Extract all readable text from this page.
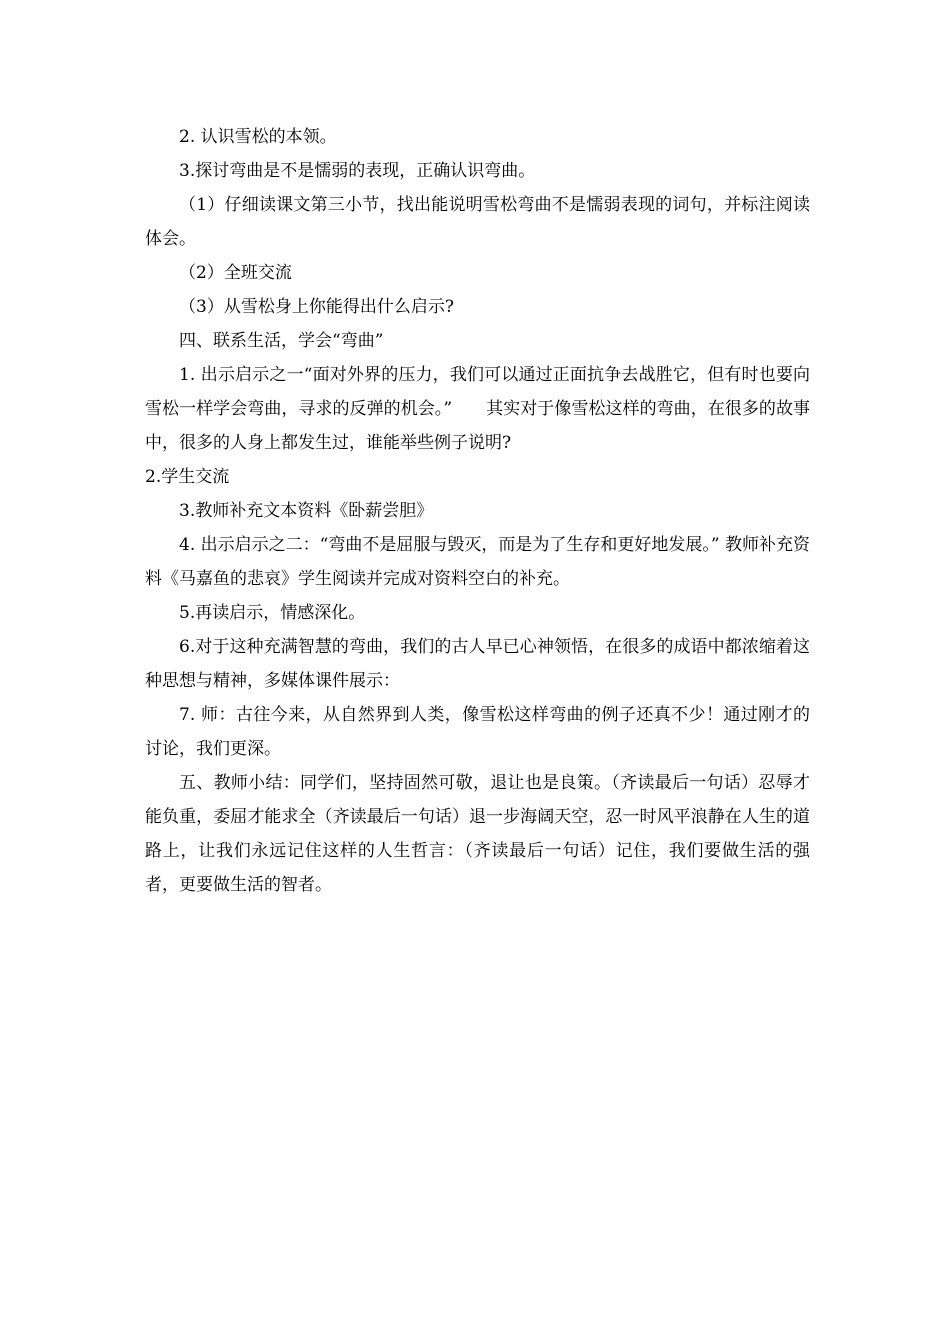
2. 认识雪松的本领。

3.探讨弯曲是不是懦弱的表现，正确认识弯曲。

（1）仔细读课文第三小节，找出能说明雪松弯曲不是懦弱表现的词句，并标注阅读体会。

（2）全班交流

（3）从雪松身上你能得出什么启示?

四、联系生活，学会“弯曲”

1. 出示启示之一“面对外界的压力，我们可以通过正面抗争去战胜它，但有时也要向雪松一样学会弯曲，寻求的反弹的机会。”　　其实对于像雪松这样的弯曲，在很多的故事中，很多的人身上都发生过，谁能举些例子说明?

2.学生交流

3.教师补充文本资料《卧薪尝胆》

4. 出示启示之二：“弯曲不是屈服与毁灭，而是为了生存和更好地发展。” 教师补充资料《马嘉鱼的悲哀》学生阅读并完成对资料空白的补充。

5.再读启示，情感深化。

6.对于这种充满智慧的弯曲，我们的古人早已心神领悟，在很多的成语中都浓缩着这种思想与精神，多媒体课件展示：

7. 师：古往今来，从自然界到人类，像雪松这样弯曲的例子还真不少！通过刚才的讨论，我们更深。

五、教师小结：同学们，坚持固然可敬，退让也是良策。（齐读最后一句话）忍辱才能负重，委屈才能求全（齐读最后一句话）退一步海阔天空，忍一时风平浪静在人生的道路上，让我们永远记住这样的人生哲言：（齐读最后一句话）记住，我们要做生活的强者，更要做生活的智者。
